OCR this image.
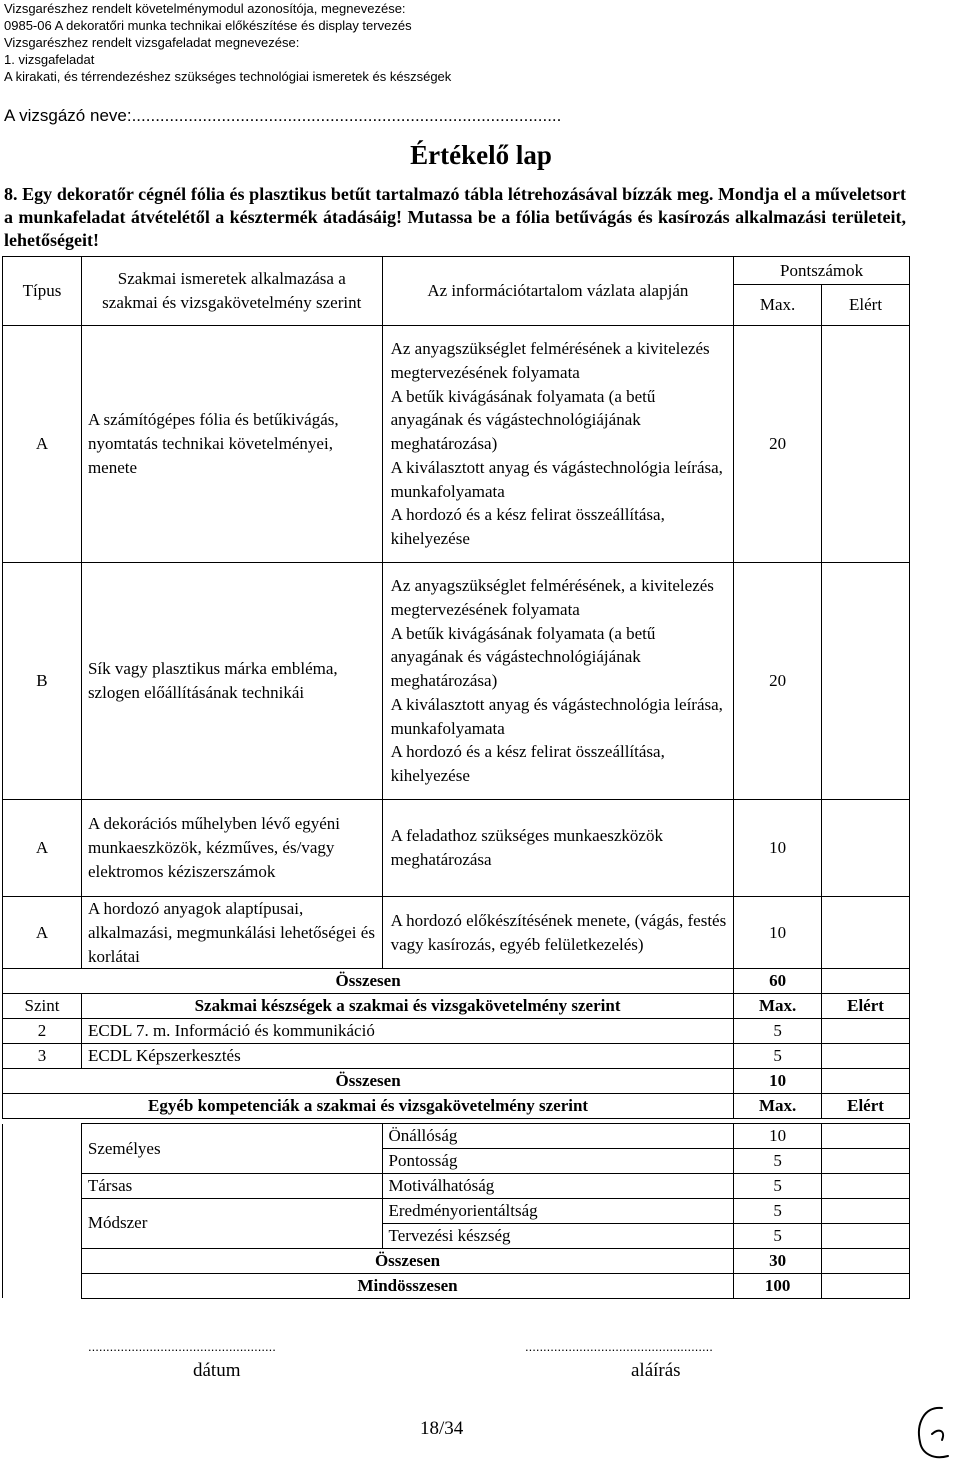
Vizsgarészhez rendelt követelménymodul azonosítója, megnevezése:
0985-06 A dekoratőri munka technikai előkészítése és display tervezés
Vizsgarészhez rendelt vizsgafeladat megnevezése:
1. vizsgafeladat
A kirakati, és térrendezéshez szükséges technológiai ismeretek és készségek
A vizsgázó neve:...........................................................................................
Értékelő lap
8. Egy dekoratőr cégnél fólia és plasztikus betűt tartalmazó tábla létrehozásával bízzák meg. Mondja el a műveletsort a munkafeladat átvételétől a késztermék átadásáig! Mutassa be a fólia betűvágás és kasírozás alkalmazási területeit, lehetőségeit!
Típus	Szakmai ismeretek alkalmazása a szakmai és vizsgakövetelmény szerint	Az információtartalom vázlata alapján	Pontszámok	
			Max.	Elért
A	A számítógépes fólia és betűkivágás, nyomtatás technikai követelményei, menete	Az anyagszükséglet felmérésének a kivitelezés megtervezésének folyamata
A betűk kivágásának folyamata (a betű anyagának és vágástechnológiájának meghatározása)
A kiválasztott anyag és vágástechnológia leírása, munkafolyamata
A hordozó és a kész felirat összeállítása, kihelyezése	20	
B	Sík vagy plasztikus márka embléma, szlogen előállításának technikái	Az anyagszükséglet felmérésének, a kivitelezés megtervezésének folyamata
A betűk kivágásának folyamata (a betű anyagának és vágástechnológiájának meghatározása)
A kiválasztott anyag és vágástechnológia leírása, munkafolyamata
A hordozó és a kész felirat összeállítása, kihelyezése	20	
A	A dekorációs műhelyben lévő egyéni munkaeszközök, kézműves, és/vagy elektromos kéziszerszámok	A feladathoz szükséges munkaeszközök meghatározása	10	
A	A hordozó anyagok alaptípusai, alkalmazási, megmunkálási lehetőségei és korlátai	A hordozó előkészítésének menete, (vágás, festés vagy kasírozás, egyéb felületkezelés)	10	
Összesen			60	
Szint	Szakmai készségek a szakmai és vizsgakövetelmény szerint		Max.	Elért
2	ECDL 7. m. Információ és kommunikáció		5	
3	ECDL Képszerkesztés		5	
Összesen			10	
Egyéb kompetenciák a szakmai és vizsgakövetelmény szerint			Max.	Elért
	Személyes	Önállóság	10	
		Pontosság	5	
	Társas	Motiválhatóság	5	
	Módszer	Eredményorientáltság	5	
		Tervezési készség	5	
	Összesen		30	
	Mindösszesen		100	
....................................................	....................................................
dátum	aláírás
18/34
